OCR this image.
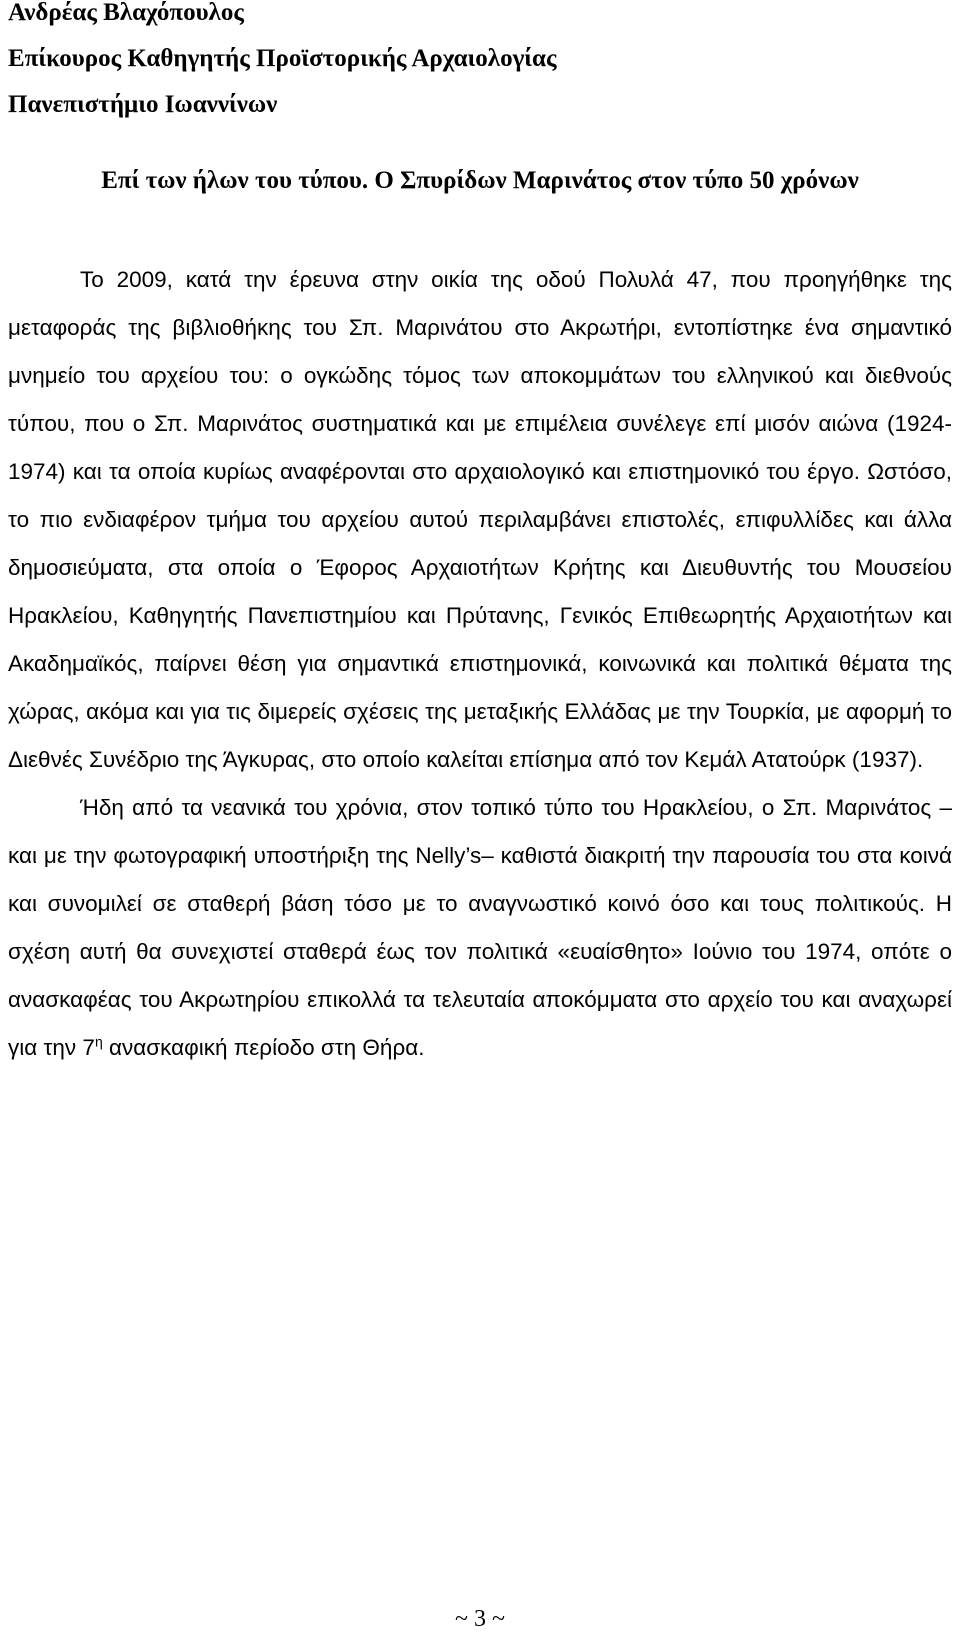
Ανδρέας Βλαχόπουλος
Επίκουρος Καθηγητής Προϊστορικής Αρχαιολογίας
Πανεπιστήμιο Ιωαννίνων
Επί των ήλων του τύπου. Ο Σπυρίδων Μαρινάτος στον τύπο 50 χρόνων

Το 2009, κατά την έρευνα στην οικία της οδού Πολυλά 47, που προηγήθηκε της μεταφοράς της βιβλιοθήκης του Σπ. Μαρινάτου στο Ακρωτήρι, εντοπίστηκε ένα σημαντικό μνημείο του αρχείου του: ο ογκώδης τόμος των αποκομμάτων του ελληνικού και διεθνούς τύπου, που ο Σπ. Μαρινάτος συστηματικά και με επιμέλεια συνέλεγε επί μισόν αιώνα (1924-1974) και τα οποία κυρίως αναφέρονται στο αρχαιολογικό και επιστημονικό του έργο. Ωστόσο, το πιο ενδιαφέρον τμήμα του αρχείου αυτού περιλαμβάνει επιστολές, επιφυλλίδες και άλλα δημοσιεύματα, στα οποία ο Έφορος Αρχαιοτήτων Κρήτης και Διευθυντής του Μουσείου Ηρακλείου, Καθηγητής Πανεπιστημίου και Πρύτανης, Γενικός Επιθεωρητής Αρχαιοτήτων και Ακαδημαϊκός, παίρνει θέση για σημαντικά επιστημονικά, κοινωνικά και πολιτικά θέματα της χώρας, ακόμα και για τις διμερείς σχέσεις της μεταξικής Ελλάδας με την Τουρκία, με αφορμή το Διεθνές Συνέδριο της Άγκυρας, στο οποίο καλείται επίσημα από τον Κεμάλ Ατατούρκ (1937).

Ήδη από τα νεανικά του χρόνια, στον τοπικό τύπο του Ηρακλείου, ο Σπ. Μαρινάτος –και με την φωτογραφική υποστήριξη της Nelly’s– καθιστά διακριτή την παρουσία του στα κοινά και συνομιλεί σε σταθερή βάση τόσο με το αναγνωστικό κοινό όσο και τους πολιτικούς. Η σχέση αυτή θα συνεχιστεί σταθερά έως τον πολιτικά «ευαίσθητο» Ιούνιο του 1974, οπότε ο ανασκαφέας του Ακρωτηρίου επικολλά τα τελευταία αποκόμματα στο αρχείο του και αναχωρεί για την $7^\eta$ ανασκαφική περίοδο στη Θήρα.

~ 3 ~
